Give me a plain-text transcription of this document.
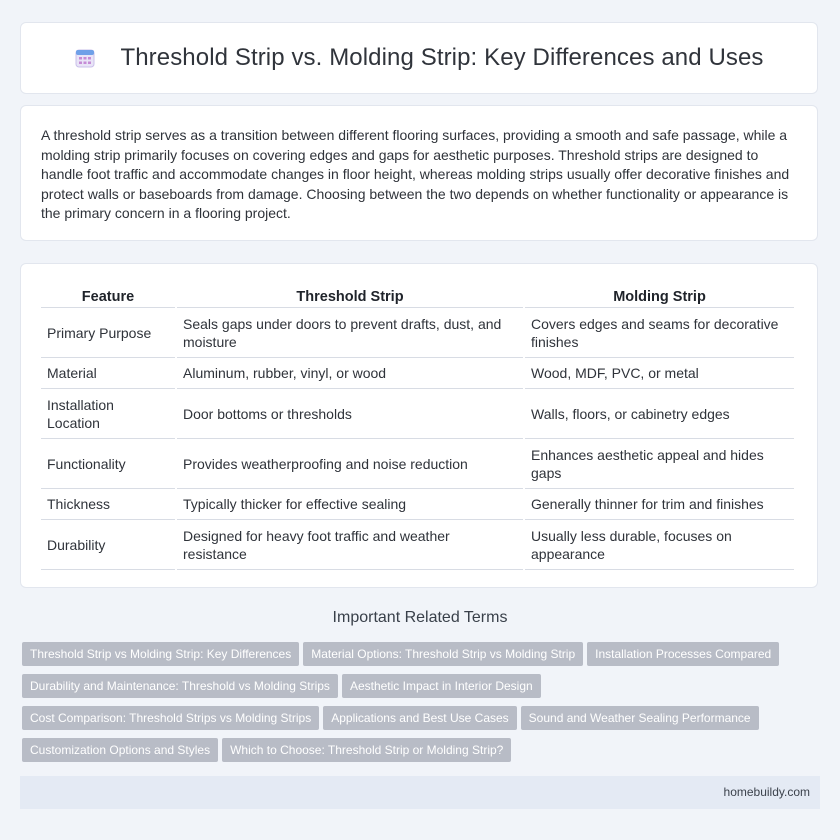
Threshold Strip vs. Molding Strip: Key Differences and Uses

A threshold strip serves as a transition between different flooring surfaces, providing a smooth and safe passage, while a molding strip primarily focuses on covering edges and gaps for aesthetic purposes. Threshold strips are designed to handle foot traffic and accommodate changes in floor height, whereas molding strips usually offer decorative finishes and protect walls or baseboards from damage. Choosing between the two depends on whether functionality or appearance is the primary concern in a flooring project.

Feature	Threshold Strip	Molding Strip
Primary Purpose	Seals gaps under doors to prevent drafts, dust, and moisture	Covers edges and seams for decorative finishes
Material	Aluminum, rubber, vinyl, or wood	Wood, MDF, PVC, or metal
Installation Location	Door bottoms or thresholds	Walls, floors, or cabinetry edges
Functionality	Provides weatherproofing and noise reduction	Enhances aesthetic appeal and hides gaps
Thickness	Typically thicker for effective sealing	Generally thinner for trim and finishes
Durability	Designed for heavy foot traffic and weather resistance	Usually less durable, focuses on appearance
Important Related Terms
Threshold Strip vs Molding Strip: Key Differences Material Options: Threshold Strip vs Molding Strip Installation Processes Compared
Durability and Maintenance: Threshold vs Molding Strips Aesthetic Impact in Interior Design
Cost Comparison: Threshold Strips vs Molding Strips Applications and Best Use Cases Sound and Weather Sealing Performance
Customization Options and Styles Which to Choose: Threshold Strip or Molding Strip?
homebuildy.com
